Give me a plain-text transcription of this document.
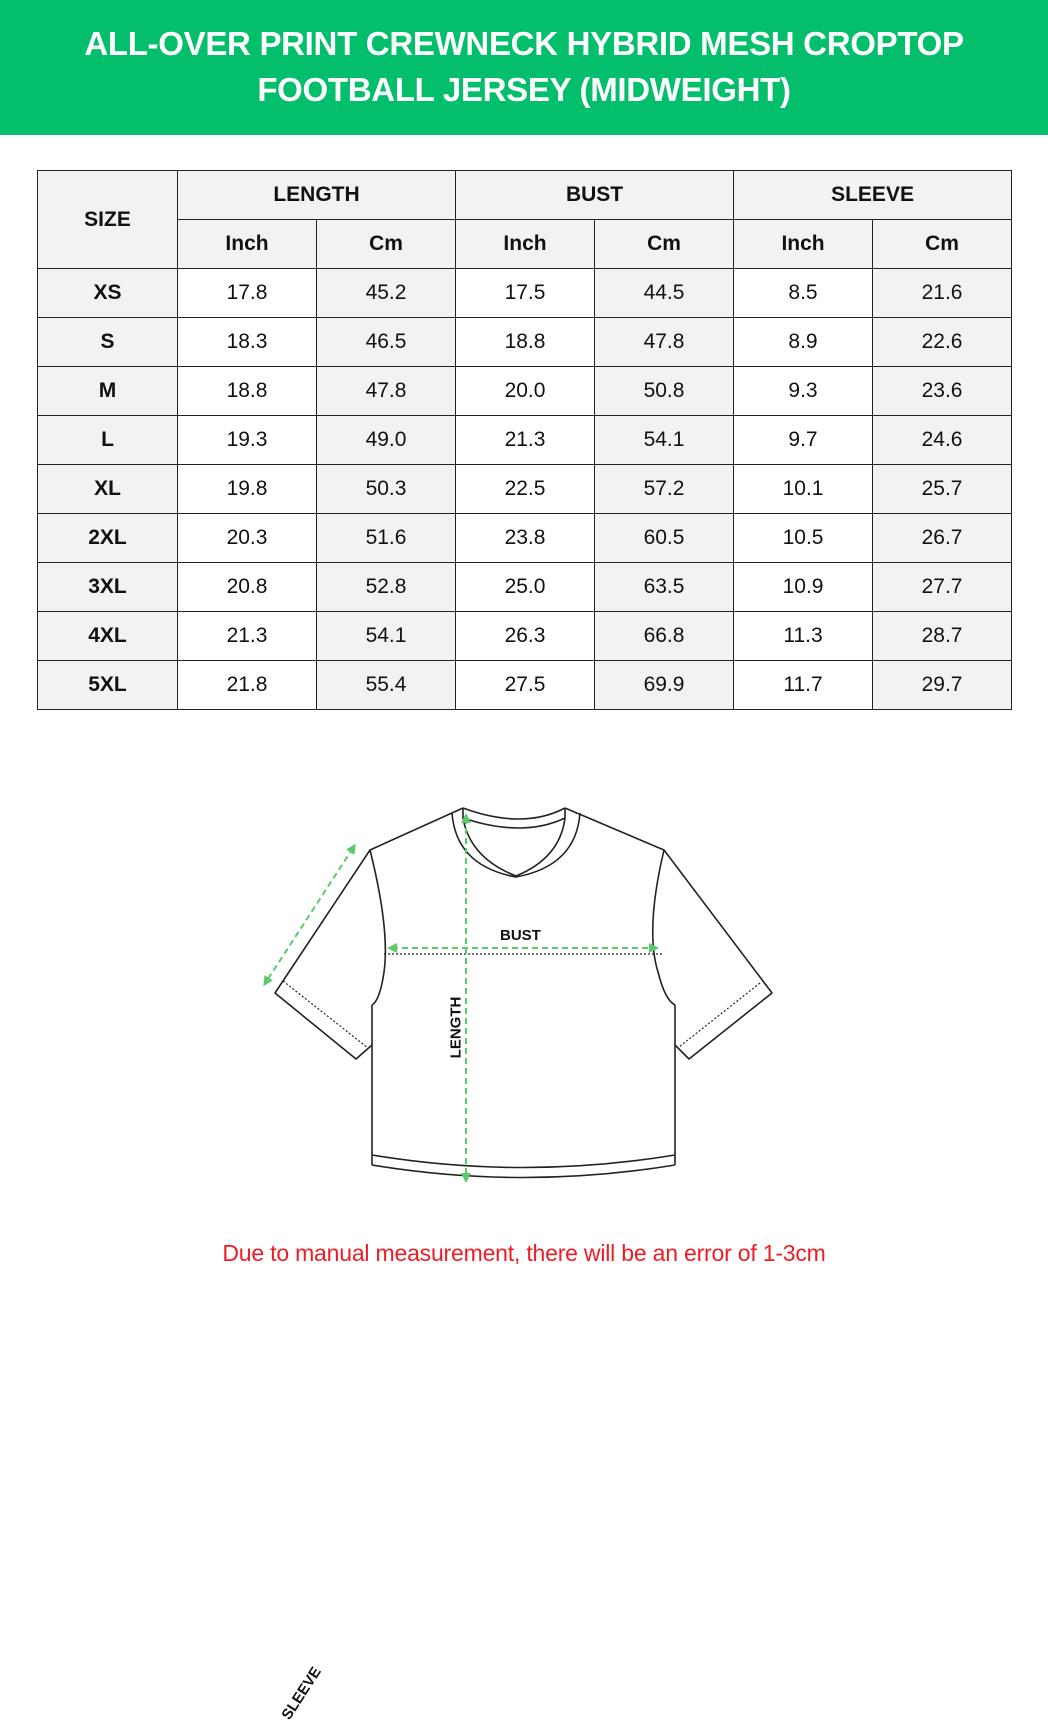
ALL-OVER PRINT CREWNECK HYBRID MESH CROPTOP
FOOTBALL JERSEY (MIDWEIGHT)
SIZE	LENGTH		BUST		SLEEVE	
	Inch	Cm	Inch	Cm	Inch	Cm
XS	17.8	45.2	17.5	44.5	8.5	21.6
S	18.3	46.5	18.8	47.8	8.9	22.6
M	18.8	47.8	20.0	50.8	9.3	23.6
L	19.3	49.0	21.3	54.1	9.7	24.6
XL	19.8	50.3	22.5	57.2	10.1	25.7
2XL	20.3	51.6	23.8	60.5	10.5	26.7
3XL	20.8	52.8	25.0	63.5	10.9	27.7
4XL	21.3	54.1	26.3	66.8	11.3	28.7
5XL	21.8	55.4	27.5	69.9	11.7	29.7
SLEEVE
BUST
LENGTH
Due to manual measurement, there will be an error of 1-3cm
